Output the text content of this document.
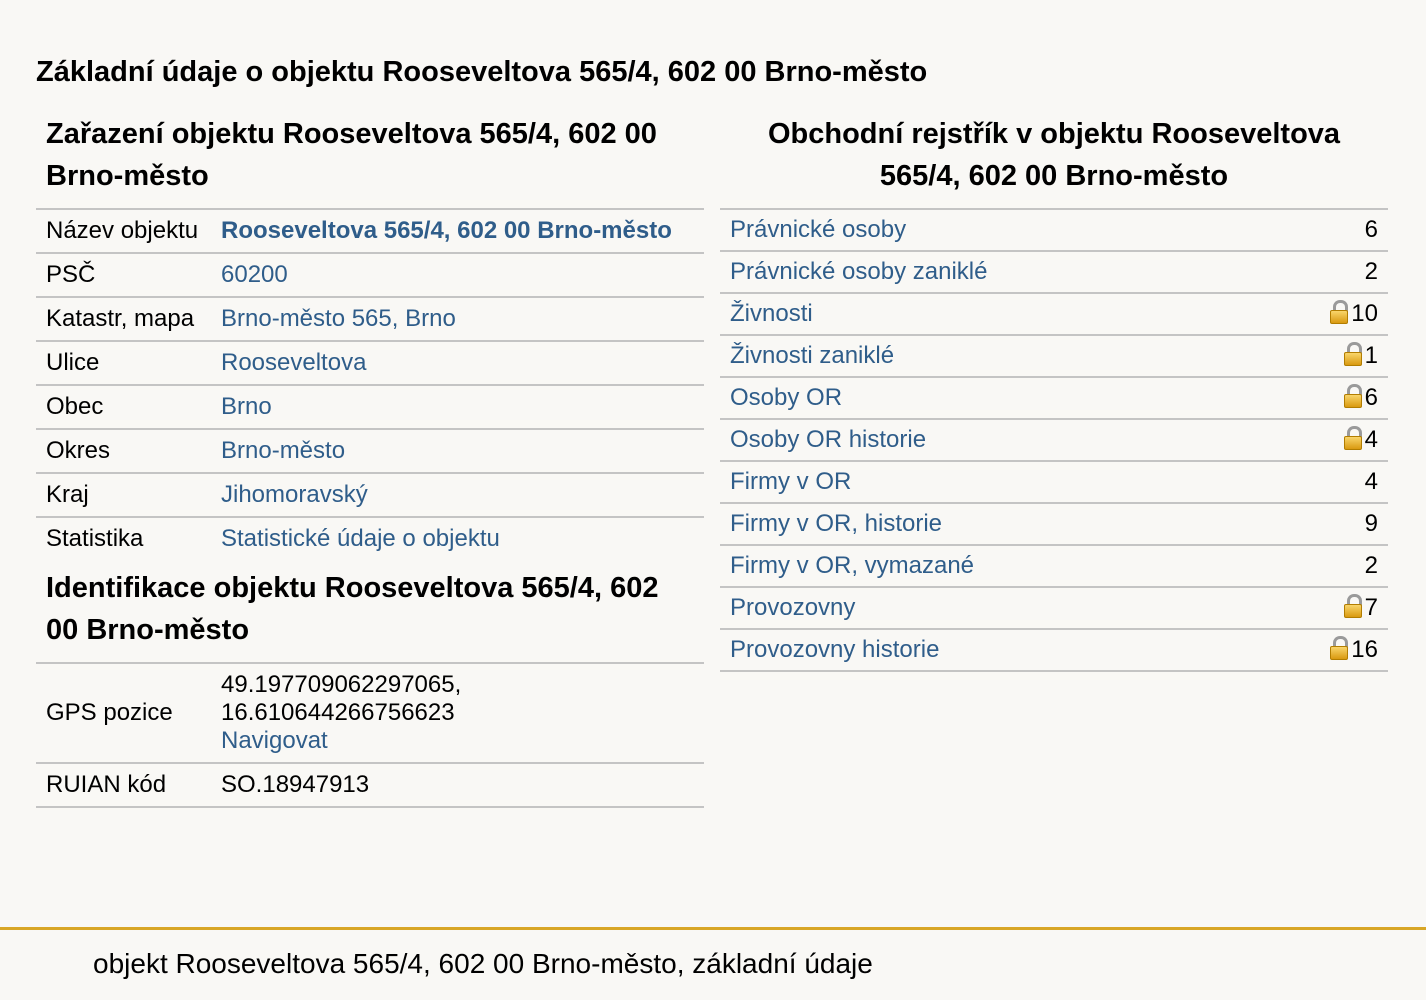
Základní údaje o objektu Rooseveltova 565/4, 602 00 Brno-město
Zařazení objektu Rooseveltova 565/4, 602 00 Brno-město
Název objektu	Rooseveltova 565/4, 602 00 Brno-město
PSČ	60200
Katastr, mapa	Brno-město 565, Brno
Ulice	Rooseveltova
Obec	Brno
Okres	Brno-město
Kraj	Jihomoravský
Statistika	Statistické údaje o objektu
Identifikace objektu Rooseveltova 565/4, 602 00 Brno-město
GPS pozice	49.197709062297065, 16.610644266756623
Navigovat
RUIAN kód	SO.18947913
Obchodní rejstřík v objektu Rooseveltova 565/4, 602 00 Brno-město
Právnické osoby	6
Právnické osoby zaniklé	2
Živnosti	10
Živnosti zaniklé	1
Osoby OR	6
Osoby OR historie	4
Firmy v OR	4
Firmy v OR, historie	9
Firmy v OR, vymazané	2
Provozovny	7
Provozovny historie	16
objekt Rooseveltova 565/4, 602 00 Brno-město, základní údaje
